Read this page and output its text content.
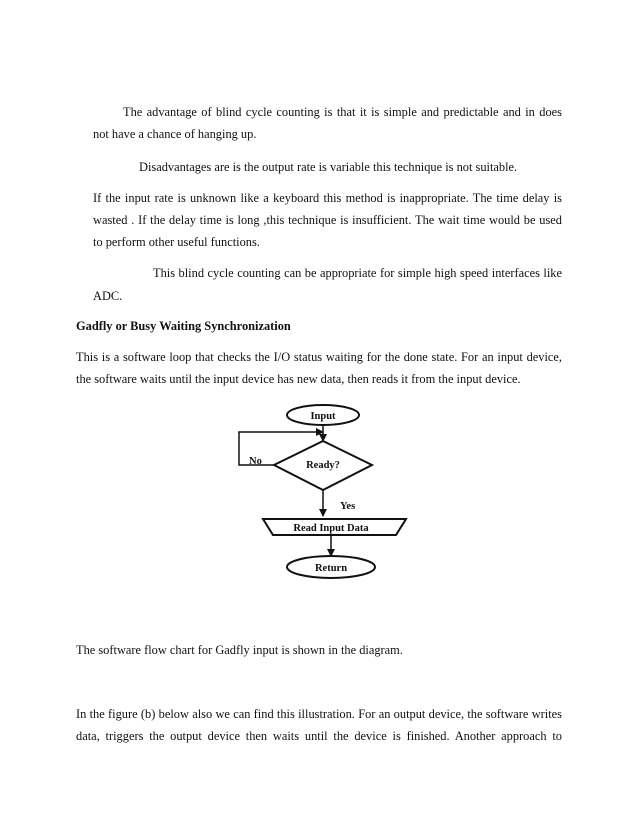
The advantage of blind cycle counting is that it is simple and predictable and in does

not have a chance of hanging up.

Disadvantages are is the output rate is variable this technique is not suitable.

If the input rate is unknown like a keyboard this method is inappropriate. The time delay is

wasted . If the delay time is long ,this technique is insufficient. The wait time would be used

to perform other useful functions.

This blind cycle counting can be appropriate for simple high speed interfaces like

ADC.

Gadfly or Busy Waiting Synchronization

This is a software loop that checks the I/O status waiting for the done state. For an input device,

the software waits until the input device has new data, then reads it from the input device.

Input
Ready?
No
Yes
Read Input Data
Return

The software flow chart for Gadfly input is shown in the diagram.

In the figure (b) below also we can find this illustration. For an output device, the software writes

data, triggers the output device then waits until the device is finished. Another approach to
